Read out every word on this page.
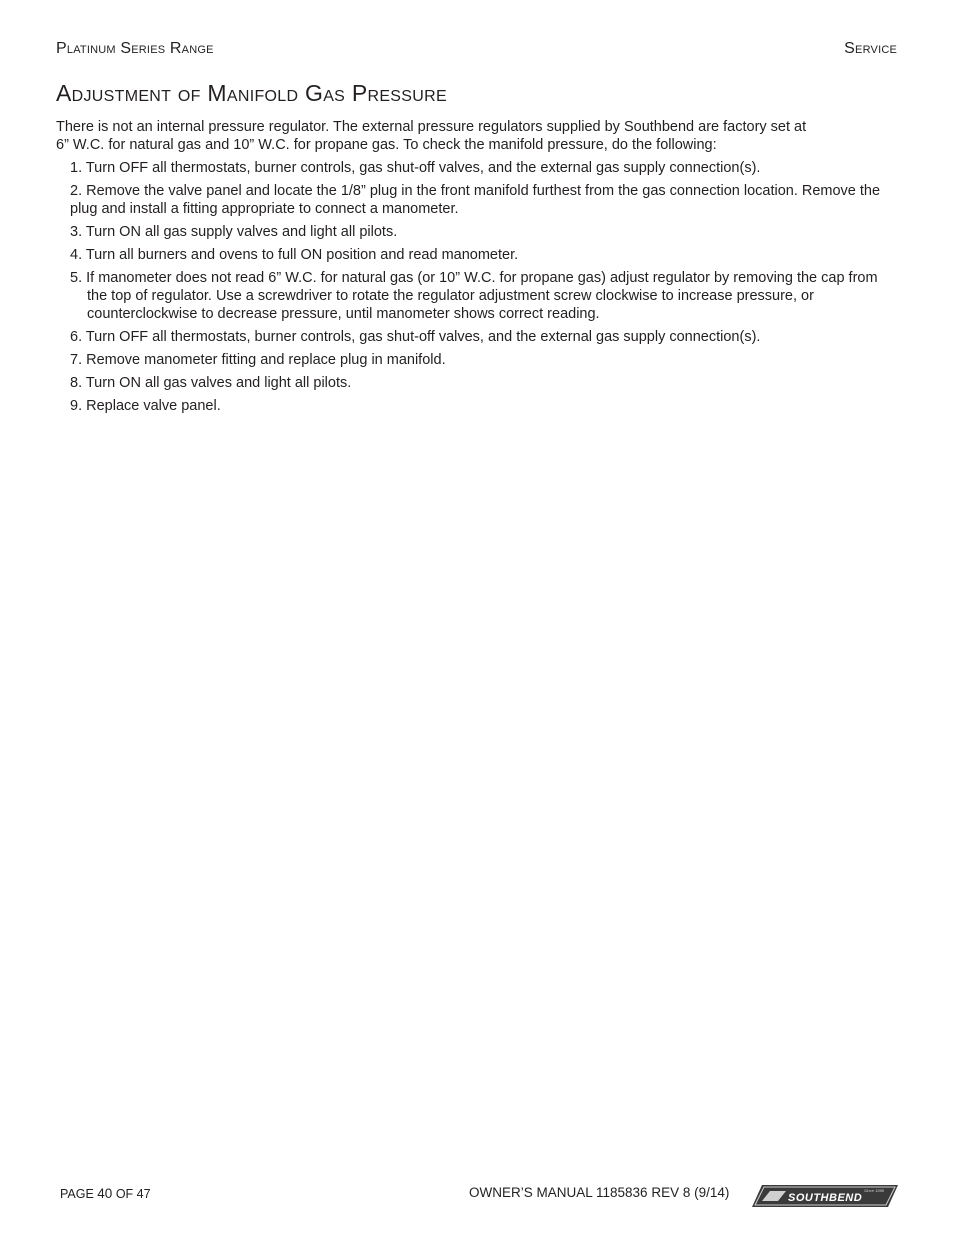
Platinum Series Range	Service
Adjustment of Manifold Gas Pressure

There is not an internal pressure regulator. The external pressure regulators supplied by Southbend are factory set at
6” W.C. for natural gas and 10” W.C. for propane gas. To check the manifold pressure, do the following:

1. Turn OFF all thermostats, burner controls, gas shut-off valves, and the external gas supply connection(s).
2. Remove the valve panel and locate the 1/8” plug in the front manifold furthest from the gas connection location. Remove the plug and install a fitting appropriate to connect a manometer.
3. Turn ON all gas supply valves and light all pilots.
4. Turn all burners and ovens to full ON position and read manometer.
5. If manometer does not read 6” W.C. for natural gas (or 10” W.C. for propane gas) adjust regulator by removing the cap from the top of regulator. Use a screwdriver to rotate the regulator adjustment screw clockwise to increase pressure, or counterclockwise to decrease pressure, until manometer shows correct reading.
6. Turn OFF all thermostats, burner controls, gas shut-off valves, and the external gas supply connection(s).
7. Remove manometer fitting and replace plug in manifold.
8. Turn ON all gas valves and light all pilots.
9. Replace valve panel.
PAGE 40 OF 47	OWNER’S MANUAL 1185836 REV 8 (9/14)	SOUTHBEND
Since 1898
